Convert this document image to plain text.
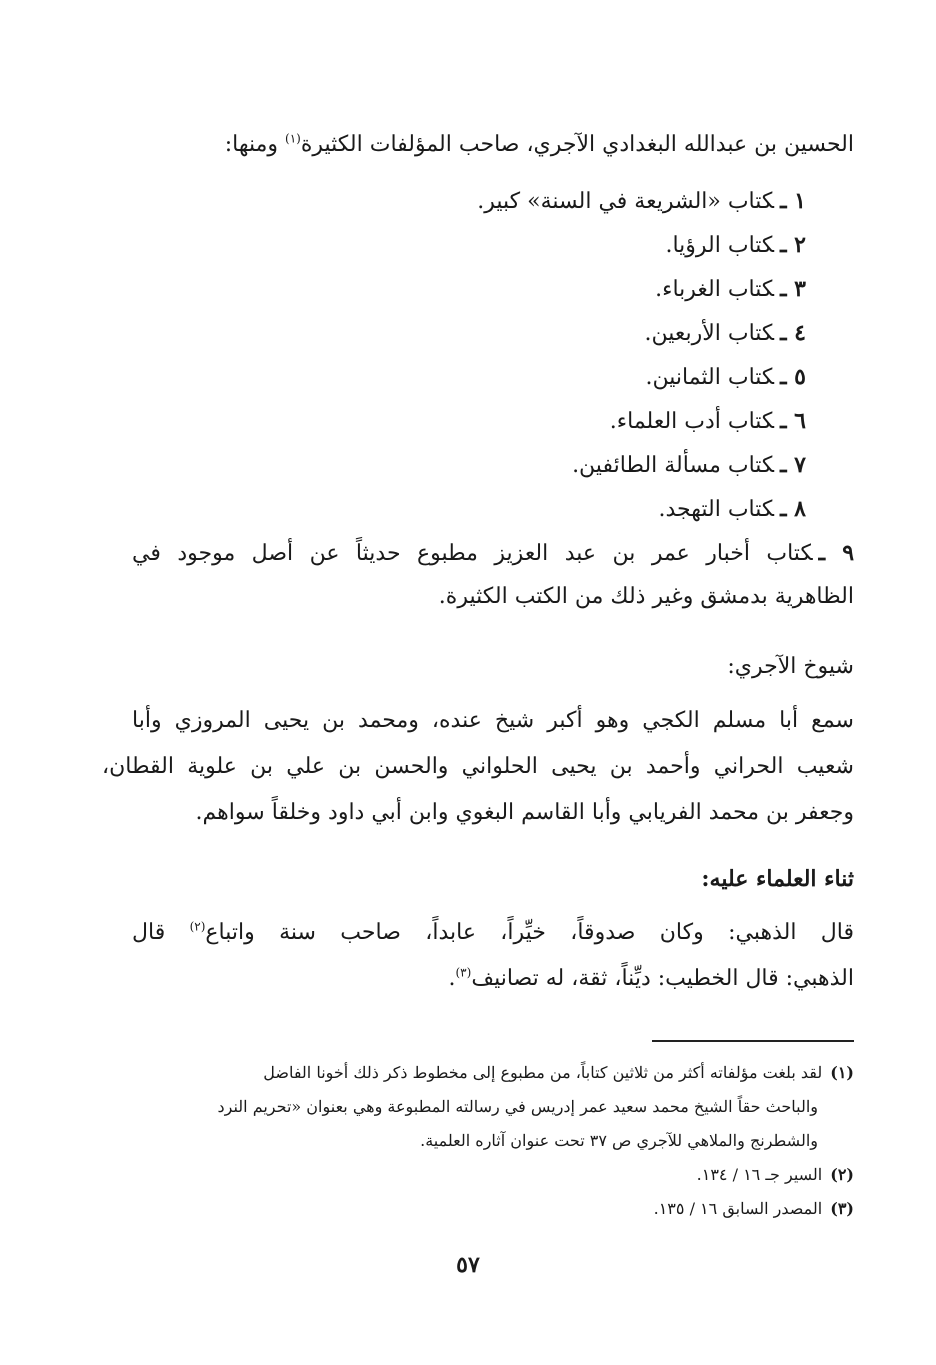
الحسين بن عبدالله البغدادي الآجري، صاحب المؤلفات الكثيرة$^{(١)}$ ومنها:
١ ـكتاب «الشريعة في السنة» كبير.
٢ ـكتاب الرؤيا.
٣ ـكتاب الغرباء.
٤ ـكتاب الأربعين.
٥ ـكتاب الثمانين.
٦ ـكتاب أدب العلماء.
٧ ـكتاب مسألة الطائفين.
٨ ـكتاب التهجد.
٩ ـكتاب أخبار عمر بن عبد العزيز مطبوع حديثاً عن أصل موجود في
الظاهرية بدمشق وغير ذلك من الكتب الكثيرة.
شيوخ الآجري:
سمع أبا مسلم الكجي وهو أكبر شيخ عنده، ومحمد بن يحيى المروزي وأبا
شعيب الحراني وأحمد بن يحيى الحلواني والحسن بن علي بن علوية القطان،
وجعفر بن محمد الفريابي وأبا القاسم البغوي وابن أبي داود وخلقاً سواهم.
ثناء العلماء عليه:
قال الذهبي: وكان صدوقاً، خيِّراً، عابداً، صاحب سنة واتباع$^{(٢)}$ قال
الذهبي: قال الخطيب: ديِّناً، ثقة، له تصانيف$^{(٣)}$.
(١)لقد بلغت مؤلفاته أكثر من ثلاثين كتاباً، من مطبوع إلى مخطوط ذكر ذلك أخونا الفاضل
والباحث حقاً الشيخ محمد سعيد عمر إدريس في رسالته المطبوعة وهي بعنوان «تحريم النرد
والشطرنج والملاهي للآجري ص ٣٧ تحت عنوان آثاره العلمية.
(٢)السير جـ ١٦ / ١٣٤.
(٣)المصدر السابق ١٦ / ١٣٥.
٥٧
